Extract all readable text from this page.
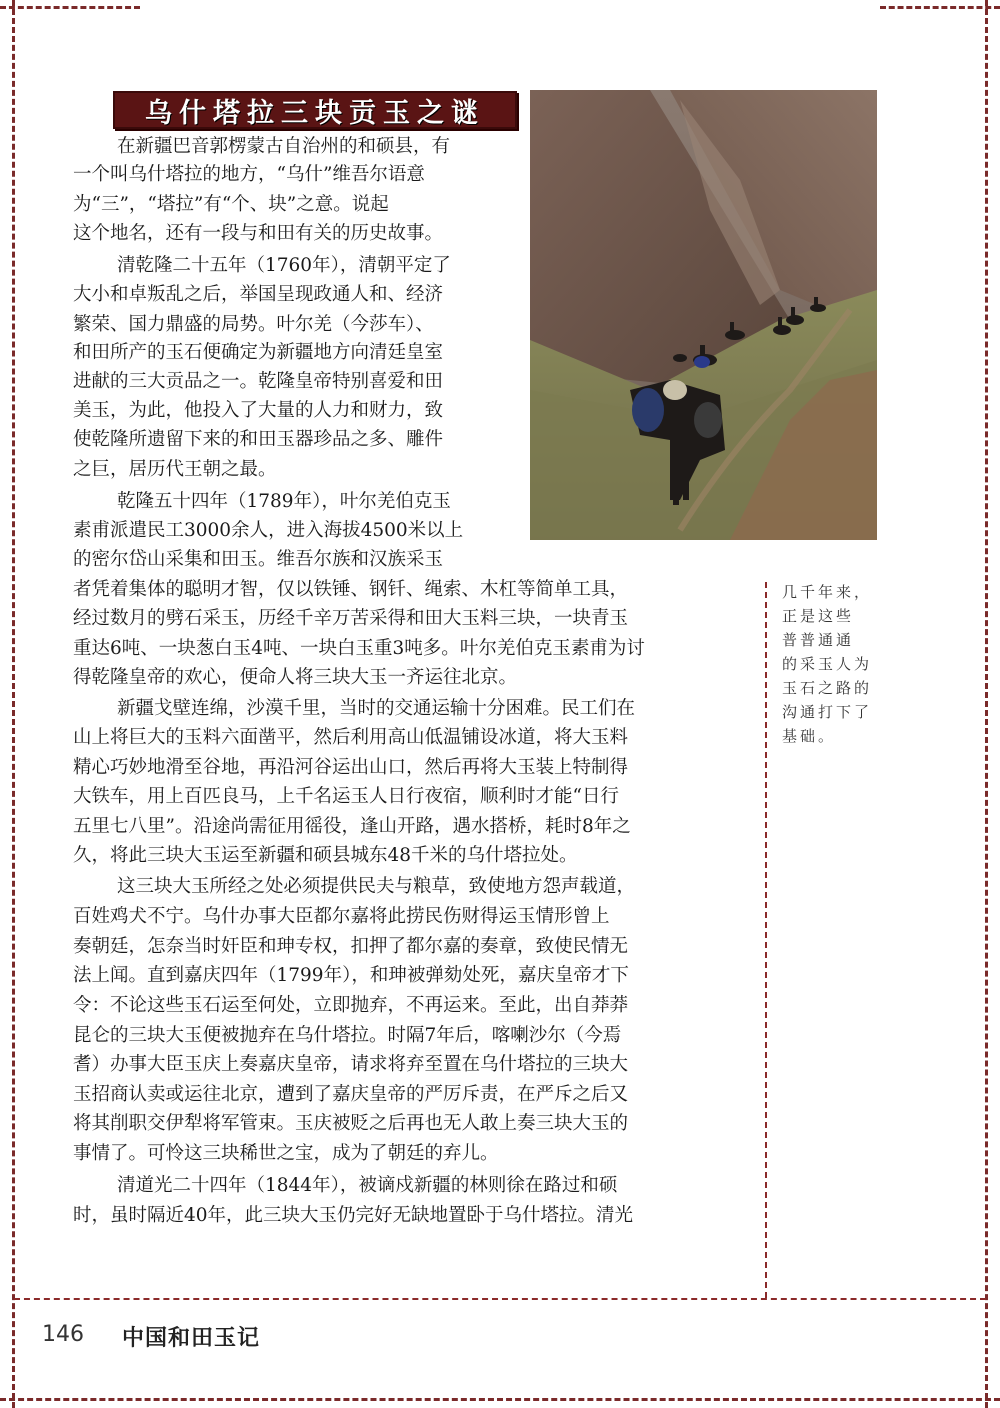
乌什塔拉三块贡玉之谜
在新疆巴音郭楞蒙古自治州的和硕县，有
一个叫乌什塔拉的地方，“乌什”维吾尔语意
为“三”，“塔拉”有“个、块”之意。说起
这个地名，还有一段与和田有关的历史故事。
清乾隆二十五年（1760年），清朝平定了
大小和卓叛乱之后，举国呈现政通人和、经济
繁荣、国力鼎盛的局势。叶尔羌（今莎车）、
和田所产的玉石便确定为新疆地方向清廷皇室
进献的三大贡品之一。乾隆皇帝特别喜爱和田
美玉，为此，他投入了大量的人力和财力，致
使乾隆所遗留下来的和田玉器珍品之多、雕件
之巨，居历代王朝之最。
乾隆五十四年（1789年），叶尔羌伯克玉
素甫派遣民工3000余人，进入海拔4500米以上
的密尔岱山采集和田玉。维吾尔族和汉族采玉
者凭着集体的聪明才智，仅以铁锤、钢钎、绳索、木杠等简单工具，
经过数月的劈石采玉，历经千辛万苦采得和田大玉料三块，一块青玉
重达6吨、一块葱白玉4吨、一块白玉重3吨多。叶尔羌伯克玉素甫为讨
得乾隆皇帝的欢心，便命人将三块大玉一齐运往北京。
新疆戈壁连绵，沙漠千里，当时的交通运输十分困难。民工们在
山上将巨大的玉料六面凿平，然后利用高山低温铺设冰道，将大玉料
精心巧妙地滑至谷地，再沿河谷运出山口，然后再将大玉装上特制得
大铁车，用上百匹良马，上千名运玉人日行夜宿，顺利时才能“日行
五里七八里”。沿途尚需征用徭役，逢山开路，遇水搭桥，耗时8年之
久，将此三块大玉运至新疆和硕县城东48千米的乌什塔拉处。
这三块大玉所经之处必须提供民夫与粮草，致使地方怨声载道，
百姓鸡犬不宁。乌什办事大臣都尔嘉将此捞民伤财得运玉情形曾上
奏朝廷，怎奈当时奸臣和珅专权，扣押了都尔嘉的奏章，致使民情无
法上闻。直到嘉庆四年（1799年），和珅被弹劾处死，嘉庆皇帝才下
令：不论这些玉石运至何处，立即抛弃，不再运来。至此，出自莽莽
昆仑的三块大玉便被抛弃在乌什塔拉。时隔7年后，喀喇沙尔（今焉
耆）办事大臣玉庆上奏嘉庆皇帝，请求将弃至置在乌什塔拉的三块大
玉招商认卖或运往北京，遭到了嘉庆皇帝的严厉斥责，在严斥之后又
将其削职交伊犁将军管束。玉庆被贬之后再也无人敢上奏三块大玉的
事情了。可怜这三块稀世之宝，成为了朝廷的弃儿。
清道光二十四年（1844年），被谪戍新疆的林则徐在路过和硕
时，虽时隔近40年，此三块大玉仍完好无缺地置卧于乌什塔拉。清光
几千年来，
正是这些
普普通通
的采玉人为
玉石之路的
沟通打下了
基础。
146 中国和田玉记
